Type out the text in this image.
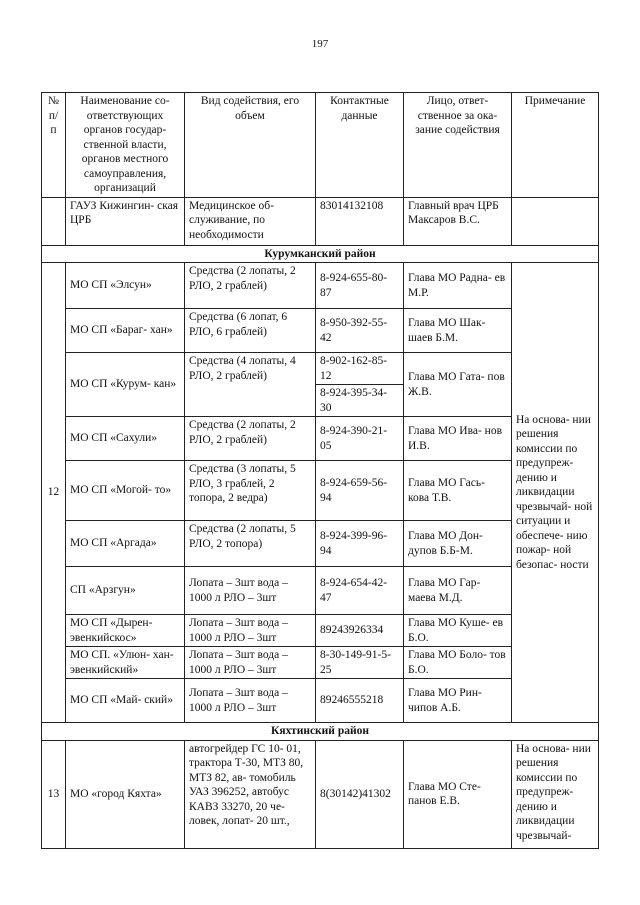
197
№ п/ п	Наименование со- ответствующих органов государ- ственной власти, органов местного самоуправления, организаций	Вид содействия, его объем	Контактные данные	Лицо, ответ- ственное за ока- зание содействия	Примечание
	ГАУЗ Кижингин- ская ЦРБ	Медицинское об- служивание, по необходимости	83014132108	Главный врач ЦРБ Максаров В.С.	
Курумканский район					
12	МО СП «Элсун»	Средства (2 лопаты, 2 РЛО, 2 граблей)	8-924-655-80- 87	Глава МО Радна- ев М.Р.	На основа- нии решения комиссии по предупреж- дению и ликвидации чрезвычай- ной ситуации и обеспече- нию пожар- ной безопас- ности
	МО СП «Бараг- хан»	Средства (6 лопат, 6 РЛО, 6 граблей)	8-950-392-55- 42	Глава МО Шак- шаев Б.М.	
	МО СП «Курум- кан»	Средства (4 лопаты, 4 РЛО, 2 граблей)	8-902-162-85- 12	Глава МО Гата- пов Ж.В.	
			8-924-395-34- 30		
	МО СП «Сахули»	Средства (2 лопаты, 2 РЛО, 2 граблей)	8-924-390-21- 05	Глава МО Ива- нов И.В.	
	МО СП «Могой- то»	Средства (3 лопаты, 5 РЛО, 3 граблей, 2 топора, 2 ведра)	8-924-659-56- 94	Глава МО Гась- кова Т.В.	
	МО СП «Аргада»	Средства (2 лопаты, 5 РЛО, 2 топора)	8-924-399-96- 94	Глава МО Дон- дупов Б.Б-М.	
	СП «Арзгун»	Лопата – 3шт вода – 1000 л РЛО – 3шт	8-924-654-42- 47	Глава МО Гар- маева М.Д.	
	МО СП «Дырен- эвенкийскос»	Лопата – 3шт вода – 1000 л РЛО – 3шт	89243926334	Глава МО Куше- ев Б.О.	
	МО СП. «Улюн- хан-эвенкийский»	Лопата – 3шт вода – 1000 л РЛО – 3шт	8-30-149-91-5- 25	Глава МО Боло- тов Б.О.	
	МО СП «Май- ский»	Лопата – 3шт вода – 1000 л РЛО – 3шт	89246555218	Глава МО Рин- чипов А.Б.	
Кяхтинский район					
13	МО «город Кяхта»	автогрейдер ГС 10- 01, трактора Т-30, МТЗ 80, МТЗ 82, ав- томобиль УАЗ 396252, автобус КАВЗ 33270, 20 че- ловек, лопат- 20 шт.,	8(30142)41302	Глава МО Сте- панов Е.В.	На основа- нии решения комиссии по предупреж- дению и ликвидации чрезвычай-
